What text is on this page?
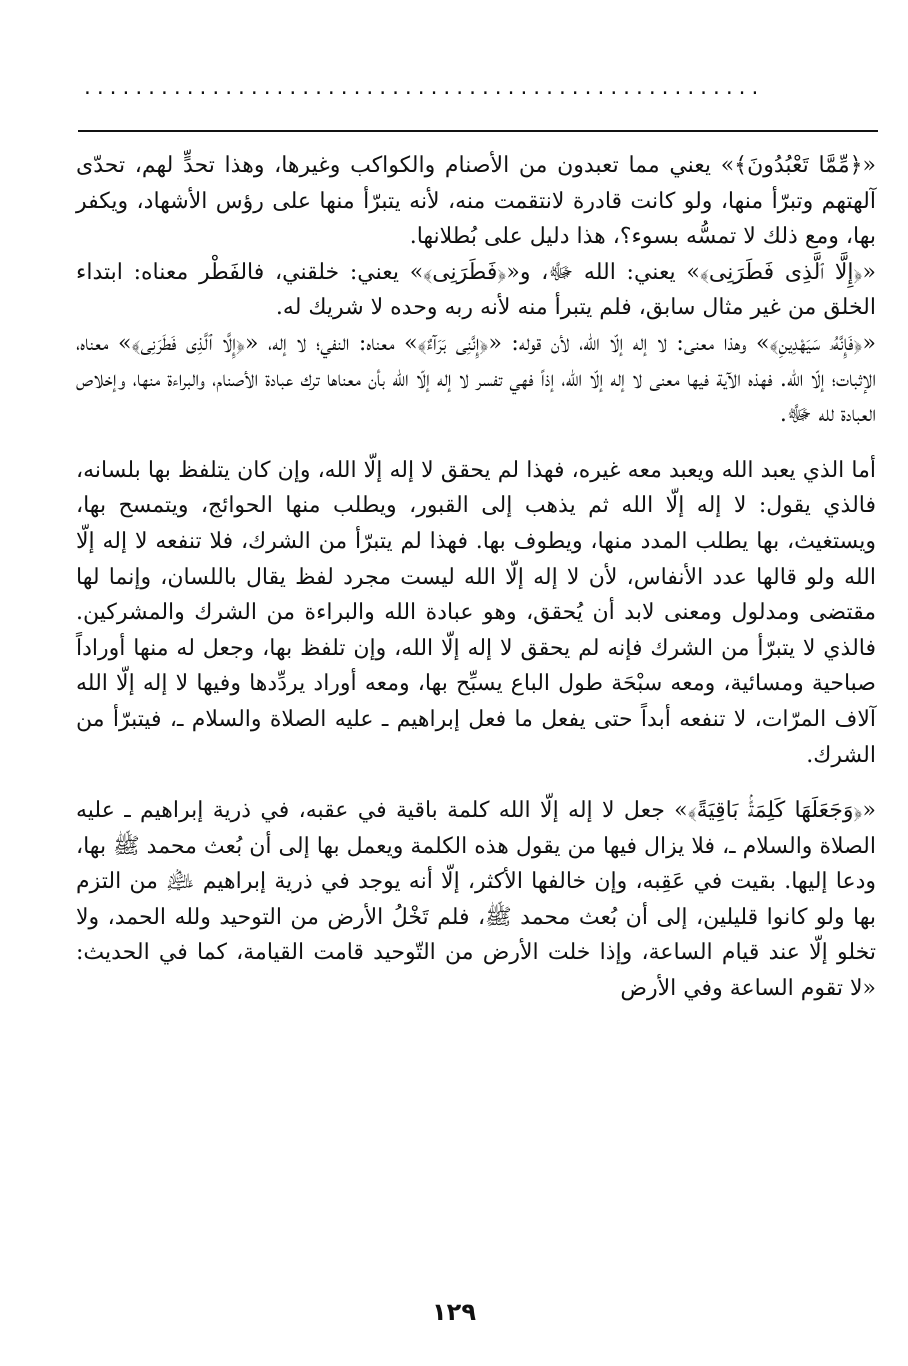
.....................................................

«﴿مِّمَّا تَعْبُدُونَ﴾» يعني مما تعبدون من الأصنام والكواكب وغيرها، وهذا تحدٍّ لهم، تحدّى آلهتهم وتبرّأ منها، ولو كانت قادرة لانتقمت منه، لأنه يتبرّأ منها على رؤس الأشهاد، ويكفر بها، ومع ذلك لا تمسُّه بسوء؟، هذا دليل على بُطلانها.

«﴿إِلَّا ٱلَّذِى فَطَرَنِى﴾» يعني: الله ﷻ، و«﴿فَطَرَنِى﴾» يعني: خلقني، فالفَطْر معناه: ابتداء الخلق من غير مثال سابق، فلم يتبرأ منه لأنه ربه وحده لا شريك له.

«﴿فَإِنَّهُۥ سَيَهْدِينِ﴾» وهذا معنى: لا إله إلّا الله، لأن قوله: «﴿إِنَّنِى بَرَآءٌ﴾» معناه: النفي؛ لا إله، «﴿إِلَّا ٱلَّذِى فَطَرَنِى﴾» معناه، الإثبات؛ إلّا الله. فهذه الآية فيها معنى لا إله إلّا الله، إذاً فهي تفسر لا إله إلّا الله بأن معناها ترك عبادة الأصنام، والبراءة منها، وإخلاص العبادة لله ﷻ.

أما الذي يعبد الله ويعبد معه غيره، فهذا لم يحقق لا إله إلّا الله، وإن كان يتلفظ بها بلسانه، فالذي يقول: لا إله إلّا الله ثم يذهب إلى القبور، ويطلب منها الحوائج، ويتمسح بها، ويستغيث، بها يطلب المدد منها، ويطوف بها. فهذا لم يتبرّأ من الشرك، فلا تنفعه لا إله إلّا الله ولو قالها عدد الأنفاس، لأن لا إله إلّا الله ليست مجرد لفظ يقال باللسان، وإنما لها مقتضى ومدلول ومعنى لابد أن يُحقق، وهو عبادة الله والبراءة من الشرك والمشركين. فالذي لا يتبرّأ من الشرك فإنه لم يحقق لا إله إلّا الله، وإن تلفظ بها، وجعل له منها أوراداً صباحية ومسائية، ومعه سبْحَة طول الباع يسبِّح بها، ومعه أوراد يردِّدها وفيها لا إله إلّا الله آلاف المرّات، لا تنفعه أبداً حتى يفعل ما فعل إبراهيم ـ عليه الصلاة والسلام ـ، فيتبرّأ من الشرك.

«﴿وَجَعَلَهَا كَلِمَةًۢ بَاقِيَةً﴾» جعل لا إله إلّا الله كلمة باقية في عقبه، في ذرية إبراهيم ـ عليه الصلاة والسلام ـ، فلا يزال فيها من يقول هذه الكلمة ويعمل بها إلى أن بُعث محمد ﷺ بها، ودعا إليها. بقيت في عَقِبه، وإن خالفها الأكثر، إلّا أنه يوجد في ذرية إبراهيم ﵇ من التزم بها ولو كانوا قليلين، إلى أن بُعث محمد ﷺ، فلم تَخْلُ الأرض من التوحيد ولله الحمد، ولا تخلو إلّا عند قيام الساعة، وإذا خلت الأرض من التّوحيد قامت القيامة، كما في الحديث: «لا تقوم الساعة وفي الأرض

١٢٩
